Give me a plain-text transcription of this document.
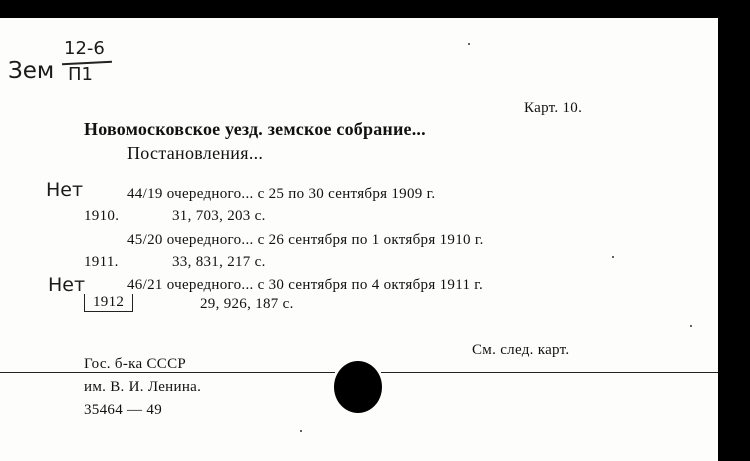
Зем
12-6
П1
Карт. 10.
Новомосковское уезд. земское собрание...
Постановления...
Нет	44/19 очередного... с 25 по 30 сентября 1909 г.
1910.	31, 703, 203 с.
45/20 очередного... с 26 сентября по 1 октября 1910 г.
1911.	33, 831, 217 с.
Нет	46/21 очередного... с 30 сентября по 4 октября 1911 г.
1912	29, 926, 187 с.
См. след. карт.
Гос. б-ка СССР
им. В. И. Ленина.
35464 — 49
